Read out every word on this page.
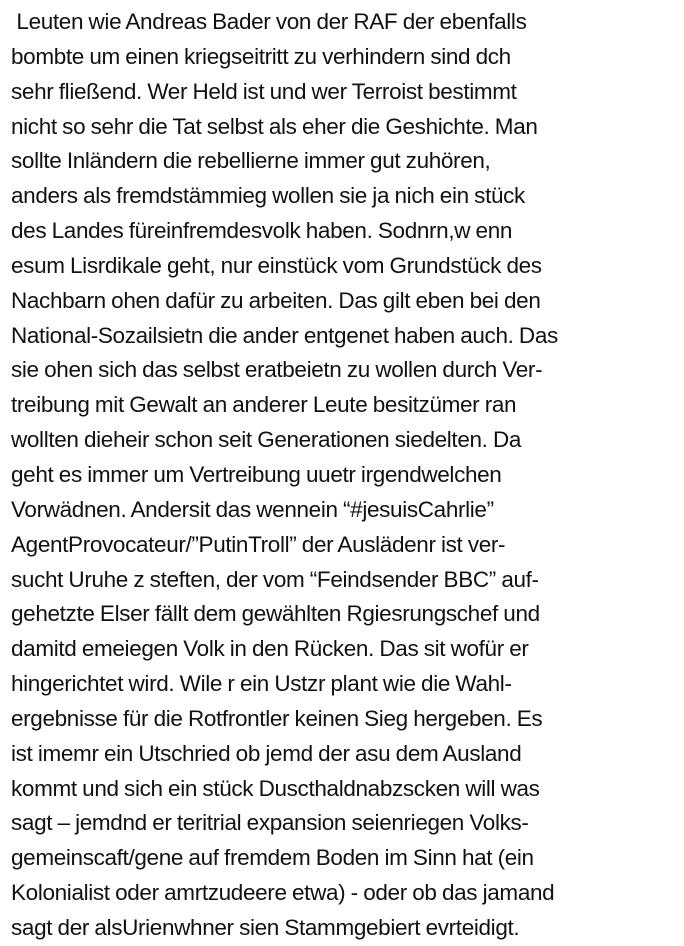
Leuten wie Andreas Bader von der RAF der ebenfalls
bombte um einen kriegseitritt zu verhindern sind dch
sehr fließend. Wer Held ist und wer Terroist bestimmt
nicht so sehr die Tat selbst als eher die Geshichte. Man
sollte Inländern die rebellierne immer gut zuhören,
anders als fremdstämmieg wollen sie ja nich ein stück
des Landes füreinfremdesvolk haben. Sodnrn,w enn
esum Lisrdikale geht, nur einstück vom Grundstück des
Nachbarn ohen dafür zu arbeiten. Das gilt eben bei den
National-Sozailsietn die ander entgenet haben auch. Das
sie ohen sich das selbst eratbeietn zu wollen durch Ver-
treibung mit Gewalt an anderer Leute besitzümer ran
wollten dieheir schon seit Generationen siedelten. Da
geht es immer um Vertreibung uuetr irgendwelchen
Vorwädnen. Andersit das wennein “#jesuisCahrlie”
AgentProvocateur/”PutinTroll” der Auslädenr ist ver-
sucht Uruhe z steften, der vom “Feindsender BBC” auf-
gehetzte Elser fällt dem gewählten Rgiesrungschef und
damitd emeiegen Volk in den Rücken. Das sit wofür er
hingerichtet wird. Wile r ein Ustzr plant wie die Wahl-
ergebnisse für die Rotfrontler keinen Sieg hergeben. Es
ist imemr ein Utschried ob jemd der asu dem Ausland
kommt und sich ein stück Duscthaldnabzscken will was
sagt – jemdnd er teritrial expansion seienriegen Volks-
gemeinscaft/gene auf fremdem Boden im Sinn hat (ein
Kolonialist oder amrtzudeere etwa) - oder ob das jamand
sagt der alsUrienwhner sien Stammgebiert evrteidigt.
